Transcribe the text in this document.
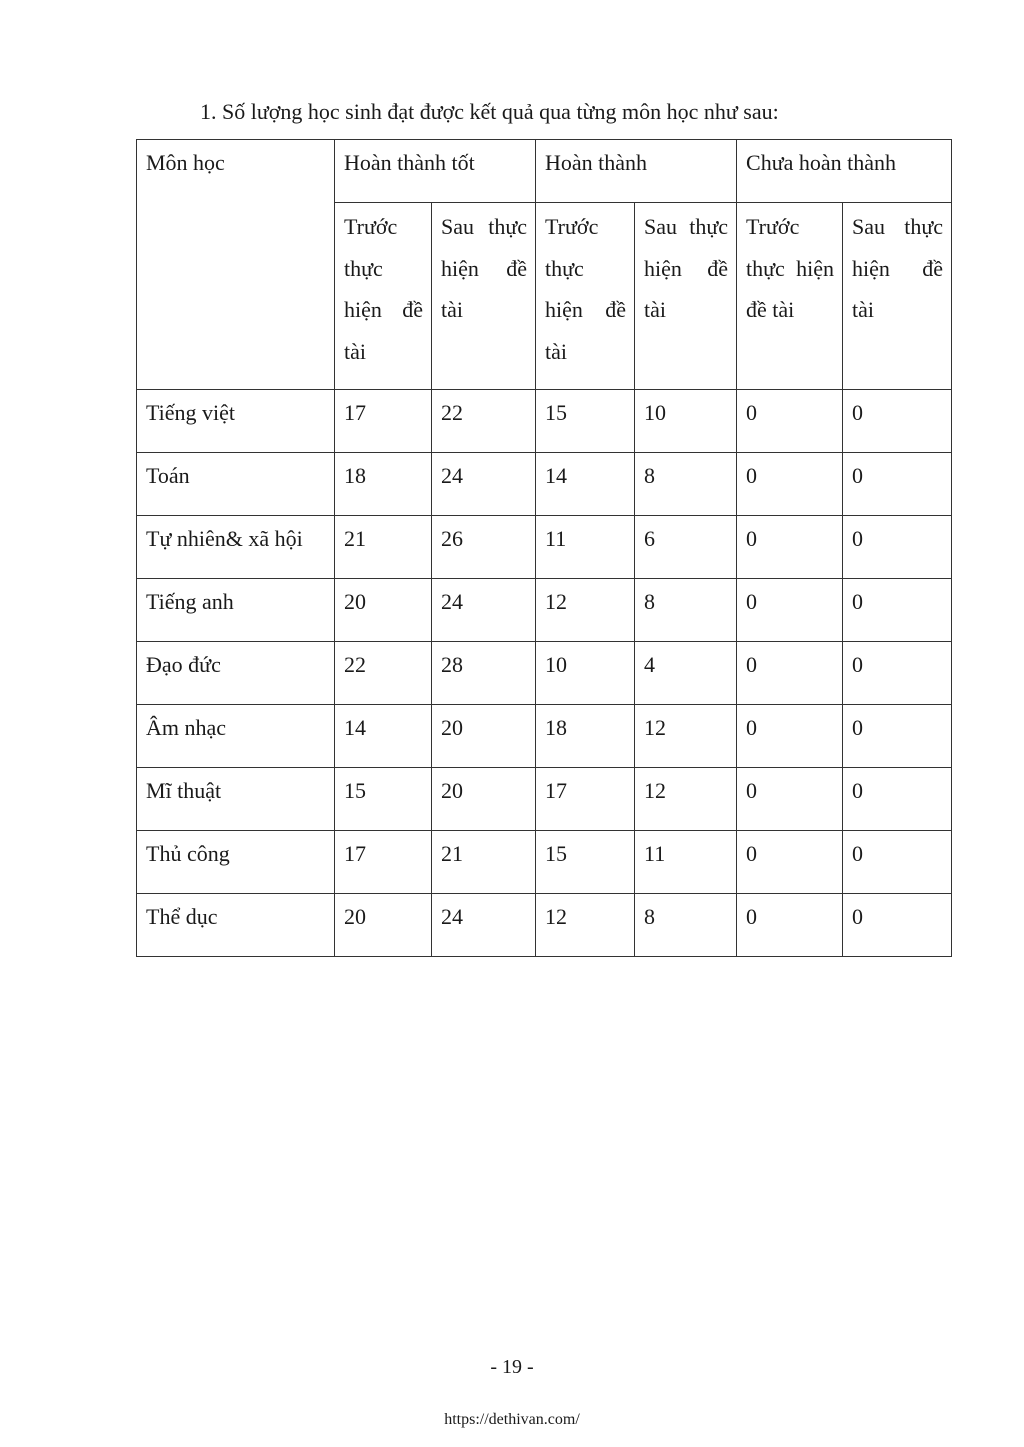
1. Số lượng học sinh đạt được kết quả qua từng môn học như sau:
Môn học	Hoàn thành tốt		Hoàn thành		Chưa hoàn thành	
	Trước thực hiện đề tài	Sau thực hiện đề tài	Trước thực hiện đề tài	Sau thực hiện đề tài	Trước thực hiện đề tài	Sau thực hiện đề tài
Tiếng việt	17	22	15	10	0	0
Toán	18	24	14	8	0	0
Tự nhiên& xã hội	21	26	11	6	0	0
Tiếng anh	20	24	12	8	0	0
Đạo đức	22	28	10	4	0	0
Âm nhạc	14	20	18	12	0	0
Mĩ thuật	15	20	17	12	0	0
Thủ công	17	21	15	11	0	0
Thể dục	20	24	12	8	0	0
- 19 -
https://dethivan.com/
